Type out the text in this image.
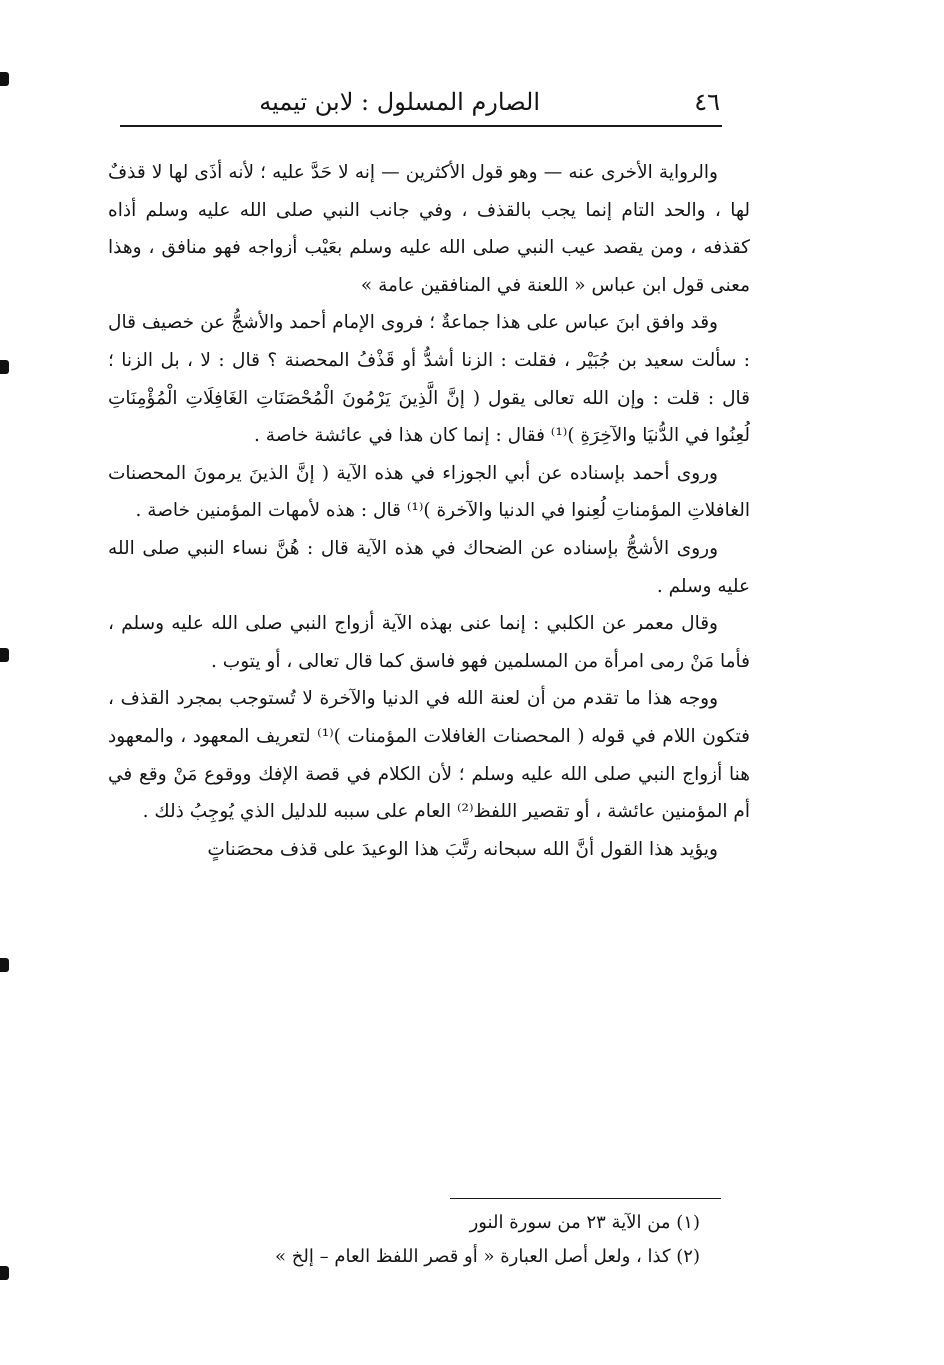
٤٦
الصارم المسلول : لابن تيميه

والرواية الأخرى عنه — وهو قول الأكثرين — إنه لا حَدَّ عليه ؛ لأنه أذَى لها لا قذفٌ لها ، والحد التام إنما يجب بالقذف ، وفي جانب النبي صلى الله عليه وسلم أذاه كقذفه ، ومن يقصد عيب النبي صلى الله عليه وسلم بعَيْب أزواجه فهو منافق ، وهذا معنى قول ابن عباس « اللعنة في المنافقين عامة »

وقد وافق ابنَ عباس على هذا جماعةٌ ؛ فروى الإمام أحمد والأشجُّ عن خصيف قال : سألت سعيد بن جُبَيْر ، فقلت : الزنا أشدُّ أو قَذْفُ المحصنة ؟ قال : لا ، بل الزنا ؛ قال : قلت : وإن الله تعالى يقول ( إنَّ الَّذِينَ يَرْمُونَ الْمُحْصَنَاتِ الغَافِلَاتِ الْمُؤْمِنَاتِ لُعِنُوا في الدُّنيَا والآخِرَةِ )⁽¹⁾ فقال : إنما كان هذا في عائشة خاصة .

وروى أحمد بإسناده عن أبي الجوزاء في هذه الآية ( إنَّ الذينَ يرمونَ المحصنات الغافلاتِ المؤمناتِ لُعِنوا في الدنيا والآخرة )⁽¹⁾ قال : هذه لأمهات المؤمنين خاصة .

وروى الأشجُّ بإسناده عن الضحاك في هذه الآية قال : هُنَّ نساء النبي صلى الله عليه وسلم .

وقال معمر عن الكلبي : إنما عنى بهذه الآية أزواج النبي صلى الله عليه وسلم ، فأما مَنْ رمى امرأة من المسلمين فهو فاسق كما قال تعالى ، أو يتوب .

ووجه هذا ما تقدم من أن لعنة الله في الدنيا والآخرة لا تُستوجب بمجرد القذف ، فتكون اللام في قوله ( المحصنات الغافلات المؤمنات )⁽¹⁾ لتعريف المعهود ، والمعهود هنا أزواج النبي صلى الله عليه وسلم ؛ لأن الكلام في قصة الإفك ووقوع مَنْ وقع في أم المؤمنين عائشة ، أو تقصير اللفظ⁽²⁾ العام على سببه للدليل الذي يُوجِبُ ذلك .

ويؤيد هذا القول أنَّ الله سبحانه رتَّبَ هذا الوعيدَ على قذف محصَناتٍ

(١) من الآية ٢٣ من سورة النور

(٢) كذا ، ولعل أصل العبارة « أو قصر اللفظ العام – إلخ »
